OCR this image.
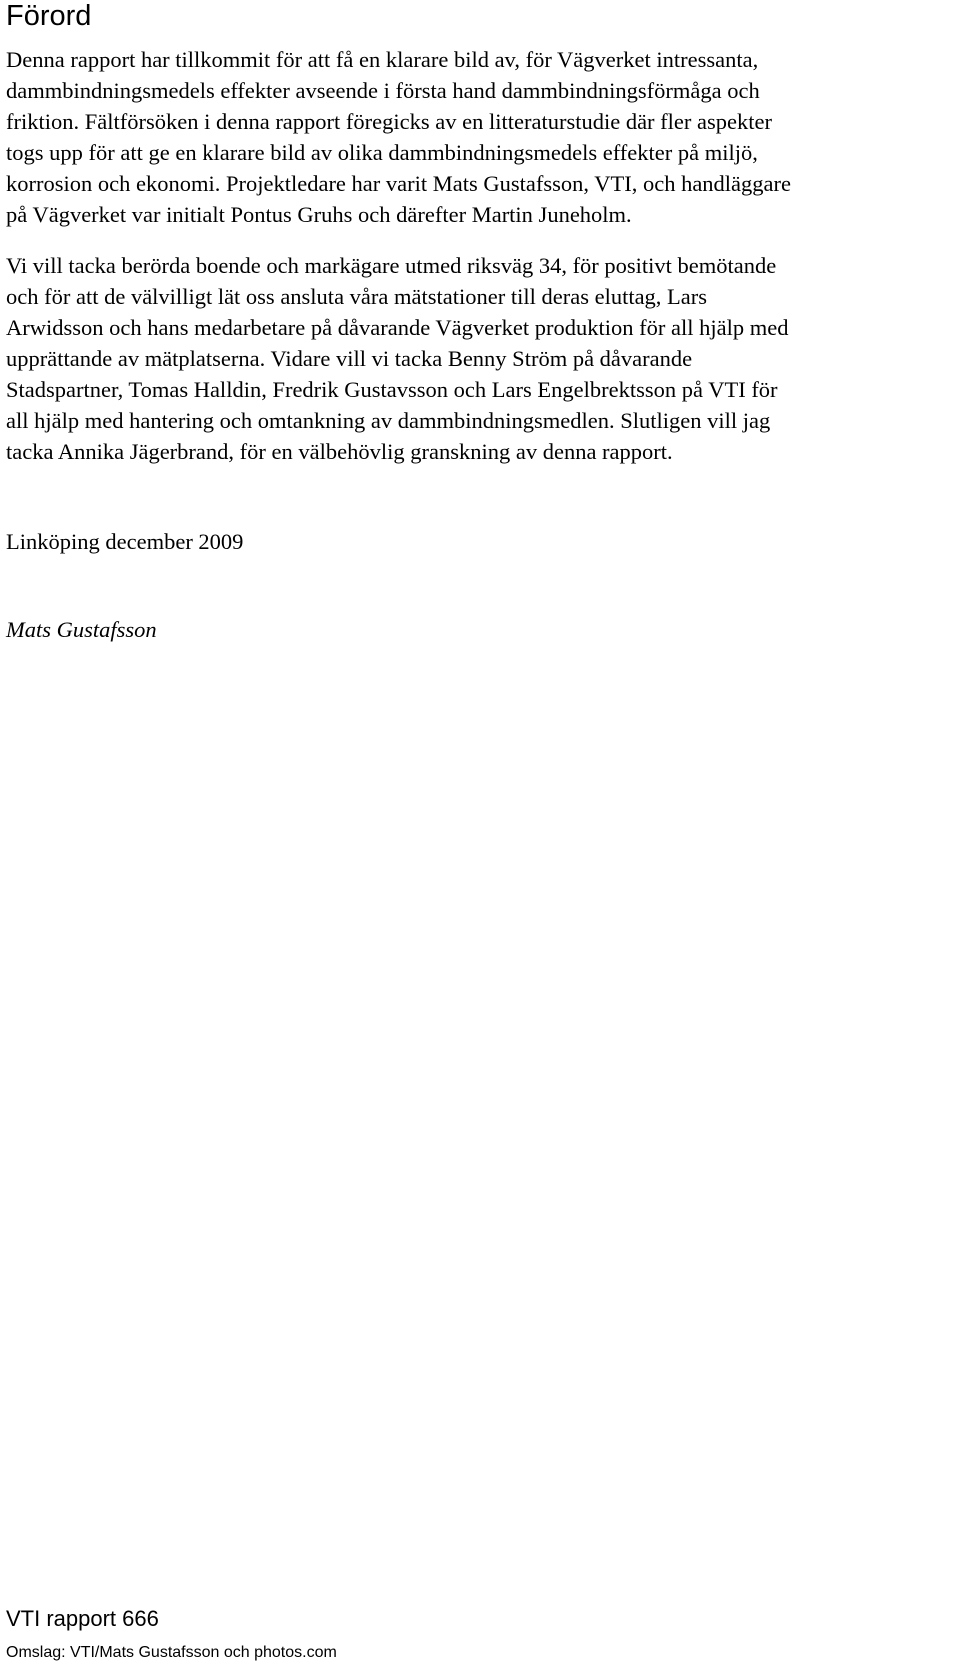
Förord

Denna rapport har tillkommit för att få en klarare bild av, för Vägverket intressanta,
dammbindningsmedels effekter avseende i första hand dammbindningsförmåga och
friktion. Fältförsöken i denna rapport föregicks av en litteraturstudie där fler aspekter
togs upp för att ge en klarare bild av olika dammbindningsmedels effekter på miljö,
korrosion och ekonomi. Projektledare har varit Mats Gustafsson, VTI, och handläggare
på Vägverket var initialt Pontus Gruhs och därefter Martin Juneholm.

Vi vill tacka berörda boende och markägare utmed riksväg 34, för positivt bemötande
och för att de välvilligt lät oss ansluta våra mätstationer till deras eluttag, Lars
Arwidsson och hans medarbetare på dåvarande Vägverket produktion för all hjälp med
upprättande av mätplatserna. Vidare vill vi tacka Benny Ström på dåvarande
Stadspartner, Tomas Halldin, Fredrik Gustavsson och Lars Engelbrektsson på VTI för
all hjälp med hantering och omtankning av dammbindningsmedlen. Slutligen vill jag
tacka Annika Jägerbrand, för en välbehövlig granskning av denna rapport.

Linköping december 2009

Mats Gustafsson

VTI rapport 666

Omslag: VTI/Mats Gustafsson och photos.com
